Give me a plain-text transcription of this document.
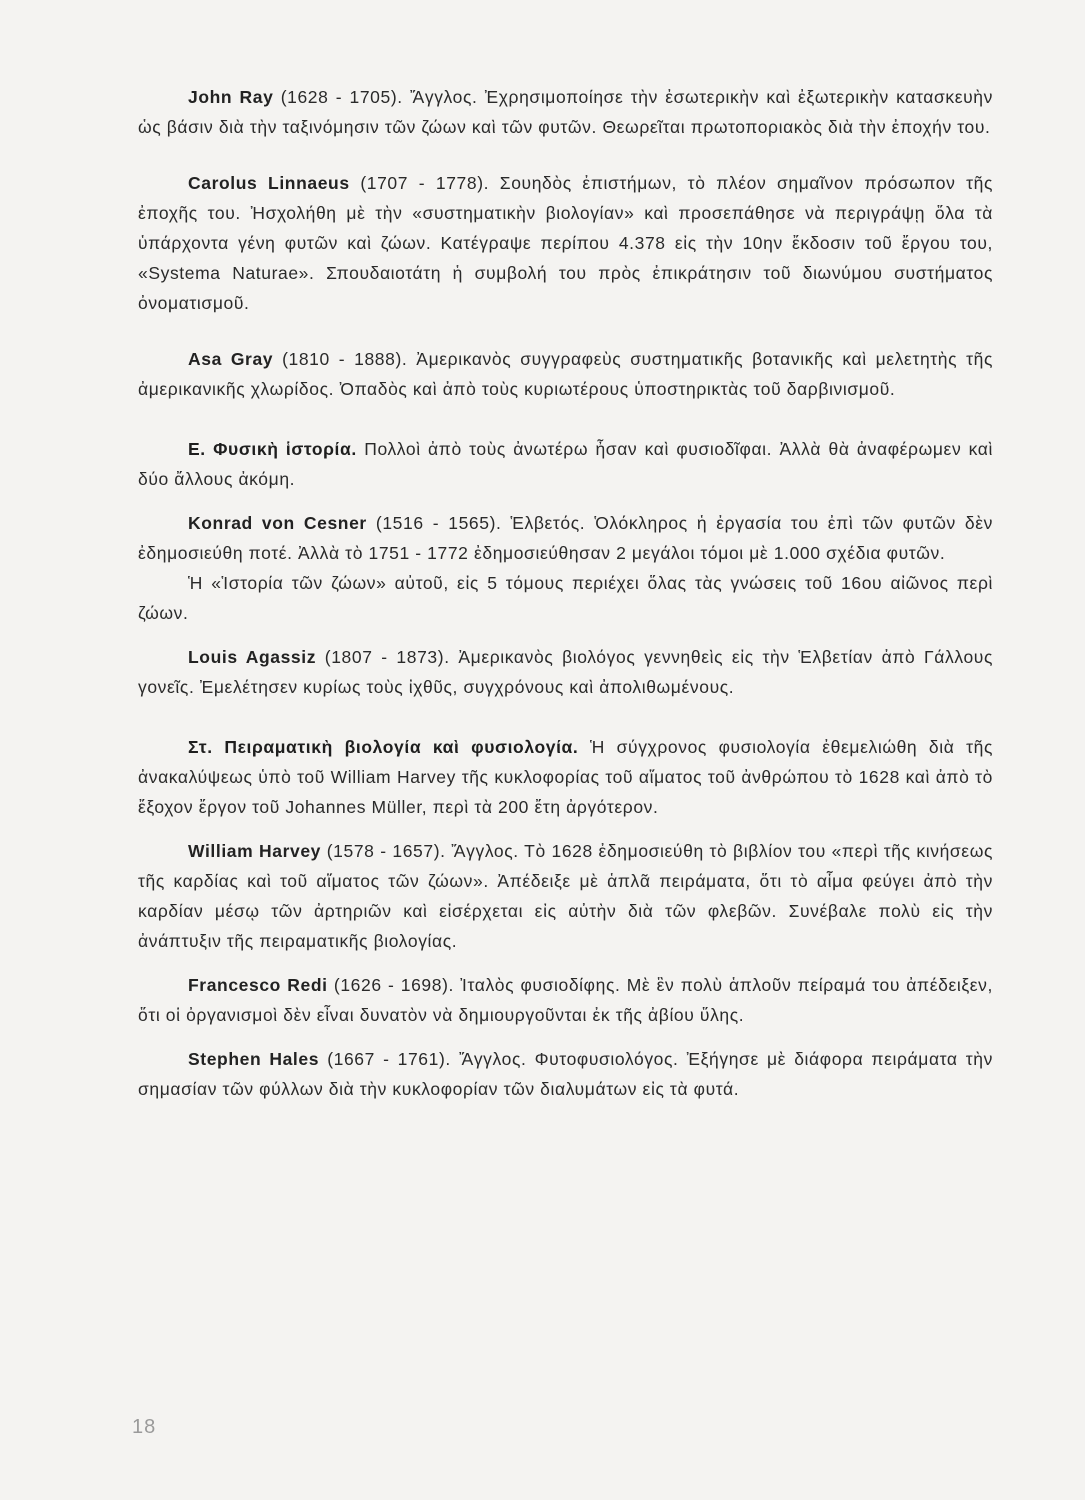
John Ray (1628 - 1705). Ἄγγλος. Ἐχρησιμοποίησε τὴν ἐσωτερικὴν καὶ ἐξωτερικὴν κατασκευὴν ὡς βάσιν διὰ τὴν ταξινόμησιν τῶν ζώων καὶ τῶν φυτῶν. Θεωρεῖται πρωτοποριακὸς διὰ τὴν ἐποχήν του.

Carolus Linnaeus (1707 - 1778). Σουηδὸς ἐπιστήμων, τὸ πλέον σημαῖνον πρόσωπον τῆς ἐποχῆς του. Ἠσχολήθη μὲ τὴν «συστηματικὴν βιολογίαν» καὶ προσεπάθησε νὰ περιγράψῃ ὅλα τὰ ὑπάρχοντα γένη φυτῶν καὶ ζώων. Κατέγραψε περίπου 4.378 εἰς τὴν 10ην ἔκδοσιν τοῦ ἔργου του, «Systema Naturae». Σπουδαιοτάτη ἡ συμβολή του πρὸς ἐπικράτησιν τοῦ διωνύμου συστήματος ὀνοματισμοῦ.

Asa Gray (1810 - 1888). Ἀμερικανὸς συγγραφεὺς συστηματικῆς βοτανικῆς καὶ μελετητὴς τῆς ἀμερικανικῆς χλωρίδος. Ὀπαδὸς καὶ ἀπὸ τοὺς κυριωτέρους ὑποστηρικτὰς τοῦ δαρβινισμοῦ.

Ε. Φυσικὴ ἱστορία. Πολλοὶ ἀπὸ τοὺς ἀνωτέρω ἦσαν καὶ φυσιοδῖφαι. Ἀλλὰ θὰ ἀναφέρωμεν καὶ δύο ἄλλους ἀκόμη.

Konrad von Cesner (1516 - 1565). Ἑλβετός. Ὁλόκληρος ἡ ἐργασία του ἐπὶ τῶν φυτῶν δὲν ἐδημοσιεύθη ποτέ. Ἀλλὰ τὸ 1751 - 1772 ἐδημοσιεύθησαν 2 μεγάλοι τόμοι μὲ 1.000 σχέδια φυτῶν.

Ἡ «Ἱστορία τῶν ζώων» αὐτοῦ, εἰς 5 τόμους περιέχει ὅλας τὰς γνώσεις τοῦ 16ου αἰῶνος περὶ ζώων.

Louis Agassiz (1807 - 1873). Ἀμερικανὸς βιολόγος γεννηθεὶς εἰς τὴν Ἑλβετίαν ἀπὸ Γάλλους γονεῖς. Ἐμελέτησεν κυρίως τοὺς ἰχθῦς, συγχρόνους καὶ ἀπολιθωμένους.

Στ. Πειραματικὴ βιολογία καὶ φυσιολογία. Ἡ σύγχρονος φυσιολογία ἐθεμελιώθη διὰ τῆς ἀνακαλύψεως ὑπὸ τοῦ William Harvey τῆς κυκλοφορίας τοῦ αἵματος τοῦ ἀνθρώπου τὸ 1628 καὶ ἀπὸ τὸ ἔξοχον ἔργον τοῦ Johannes Müller, περὶ τὰ 200 ἔτη ἀργότερον.

William Harvey (1578 - 1657). Ἄγγλος. Τὸ 1628 ἐδημοσιεύθη τὸ βιβλίον του «περὶ τῆς κινήσεως τῆς καρδίας καὶ τοῦ αἵματος τῶν ζώων». Ἀπέδειξε μὲ ἁπλᾶ πειράματα, ὅτι τὸ αἷμα φεύγει ἀπὸ τὴν καρδίαν μέσῳ τῶν ἀρτηριῶν καὶ εἰσέρχεται εἰς αὐτὴν διὰ τῶν φλεβῶν. Συνέβαλε πολὺ εἰς τὴν ἀνάπτυξιν τῆς πειραματικῆς βιολογίας.

Francesco Redi (1626 - 1698). Ἰταλὸς φυσιοδίφης. Μὲ ἓν πολὺ ἁπλοῦν πείραμά του ἀπέδειξεν, ὅτι οἱ ὀργανισμοὶ δὲν εἶναι δυνατὸν νὰ δημιουργοῦνται ἐκ τῆς ἀβίου ὕλης.

Stephen Hales (1667 - 1761). Ἄγγλος. Φυτοφυσιολόγος. Ἐξήγησε μὲ διάφορα πειράματα τὴν σημασίαν τῶν φύλλων διὰ τὴν κυκλοφορίαν τῶν διαλυμάτων εἰς τὰ φυτά.

18
